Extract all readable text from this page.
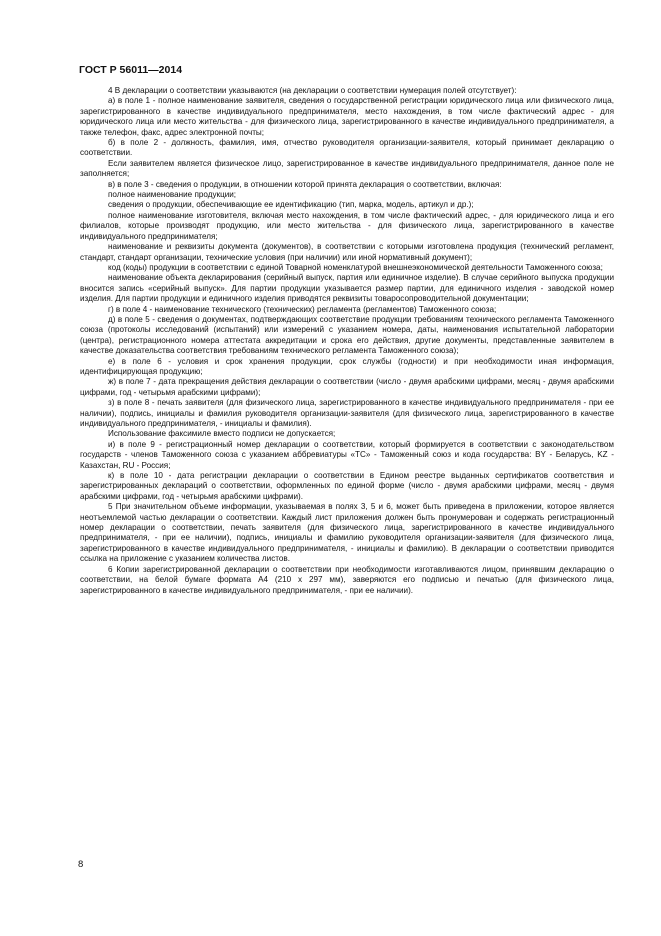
ГОСТ Р 56011—2014

4 В декларации о соответствии указываются (на декларации о соответствии нумерация полей отсутствует):

а) в поле 1 - полное наименование заявителя, сведения о государственной регистрации юридического лица или физического лица, зарегистрированного в качестве индивидуального предпринимателя, место нахождения, в том числе фактический адрес - для юридического лица или место жительства - для физического лица, зарегистрированного в качестве индивидуального предпринимателя, а также телефон, факс, адрес электронной почты;

б) в поле 2 - должность, фамилия, имя, отчество руководителя организации-заявителя, который принимает декларацию о соответствии.

Если заявителем является физическое лицо, зарегистрированное в качестве индивидуального предпринимателя, данное поле не заполняется;

в) в поле 3 - сведения о продукции, в отношении которой принята декларация о соответствии, включая:

полное наименование продукции;

сведения о продукции, обеспечивающие ее идентификацию (тип, марка, модель, артикул и др.);

полное наименование изготовителя, включая место нахождения, в том числе фактический адрес, - для юридического лица и его филиалов, которые производят продукцию, или место жительства - для физического лица, зарегистрированного в качестве индивидуального предпринимателя;

наименование и реквизиты документа (документов), в соответствии с которыми изготовлена продукция (технический регламент, стандарт, стандарт организации, технические условия (при наличии) или иной нормативный документ);

код (коды) продукции в соответствии с единой Товарной номенклатурой внешнеэкономической деятельности Таможенного союза;

наименование объекта декларирования (серийный выпуск, партия или единичное изделие). В случае серийного выпуска продукции вносится запись «серийный выпуск». Для партии продукции указывается размер партии, для единичного изделия - заводской номер изделия. Для партии продукции и единичного изделия приводятся реквизиты товаросопроводительной документации;

г) в поле 4 - наименование технического (технических) регламента (регламентов) Таможенного союза;

д) в поле 5 - сведения о документах, подтверждающих соответствие продукции требованиям технического регламента Таможенного союза (протоколы исследований (испытаний) или измерений с указанием номера, даты, наименования испытательной лаборатории (центра), регистрационного номера аттестата аккредитации и срока его действия, другие документы, представленные заявителем в качестве доказательства соответствия требованиям технического регламента Таможенного союза);

е) в поле 6 - условия и срок хранения продукции, срок службы (годности) и при необходимости иная информация, идентифицирующая продукцию;

ж) в поле 7 - дата прекращения действия декларации о соответствии (число - двумя арабскими цифрами, месяц - двумя арабскими цифрами, год - четырьмя арабскими цифрами);

з) в поле 8 - печать заявителя (для физического лица, зарегистрированного в качестве индивидуального предпринимателя - при ее наличии), подпись, инициалы и фамилия руководителя организации-заявителя (для физического лица, зарегистрированного в качестве индивидуального предпринимателя, - инициалы и фамилия).

Использование факсимиле вместо подписи не допускается;

и) в поле 9 - регистрационный номер декларации о соответствии, который формируется в соответствии с законодательством государств - членов Таможенного союза с указанием аббревиатуры «ТС» - Таможенный союз и кода государства: BY - Беларусь, KZ - Казахстан, RU - Россия;

к) в поле 10 - дата регистрации декларации о соответствии в Едином реестре выданных сертификатов соответствия и зарегистрированных деклараций о соответствии, оформленных по единой форме (число - двумя арабскими цифрами, месяц - двумя арабскими цифрами, год - четырьмя арабскими цифрами).

5 При значительном объеме информации, указываемая в полях 3, 5 и 6, может быть приведена в приложении, которое является неотъемлемой частью декларации о соответствии. Каждый лист приложения должен быть пронумерован и содержать регистрационный номер декларации о соответствии, печать заявителя (для физического лица, зарегистрированного в качестве индивидуального предпринимателя, - при ее наличии), подпись, инициалы и фамилию руководителя организации-заявителя (для физического лица, зарегистрированного в качестве индивидуального предпринимателя, - инициалы и фамилию). В декларации о соответствии приводится ссылка на приложение с указанием количества листов.

6 Копии зарегистрированной декларации о соответствии при необходимости изготавливаются лицом, принявшим декларацию о соответствии, на белой бумаге формата А4 (210 х 297 мм), заверяются его подписью и печатью (для физического лица, зарегистрированного в качестве индивидуального предпринимателя, - при ее наличии).

8
